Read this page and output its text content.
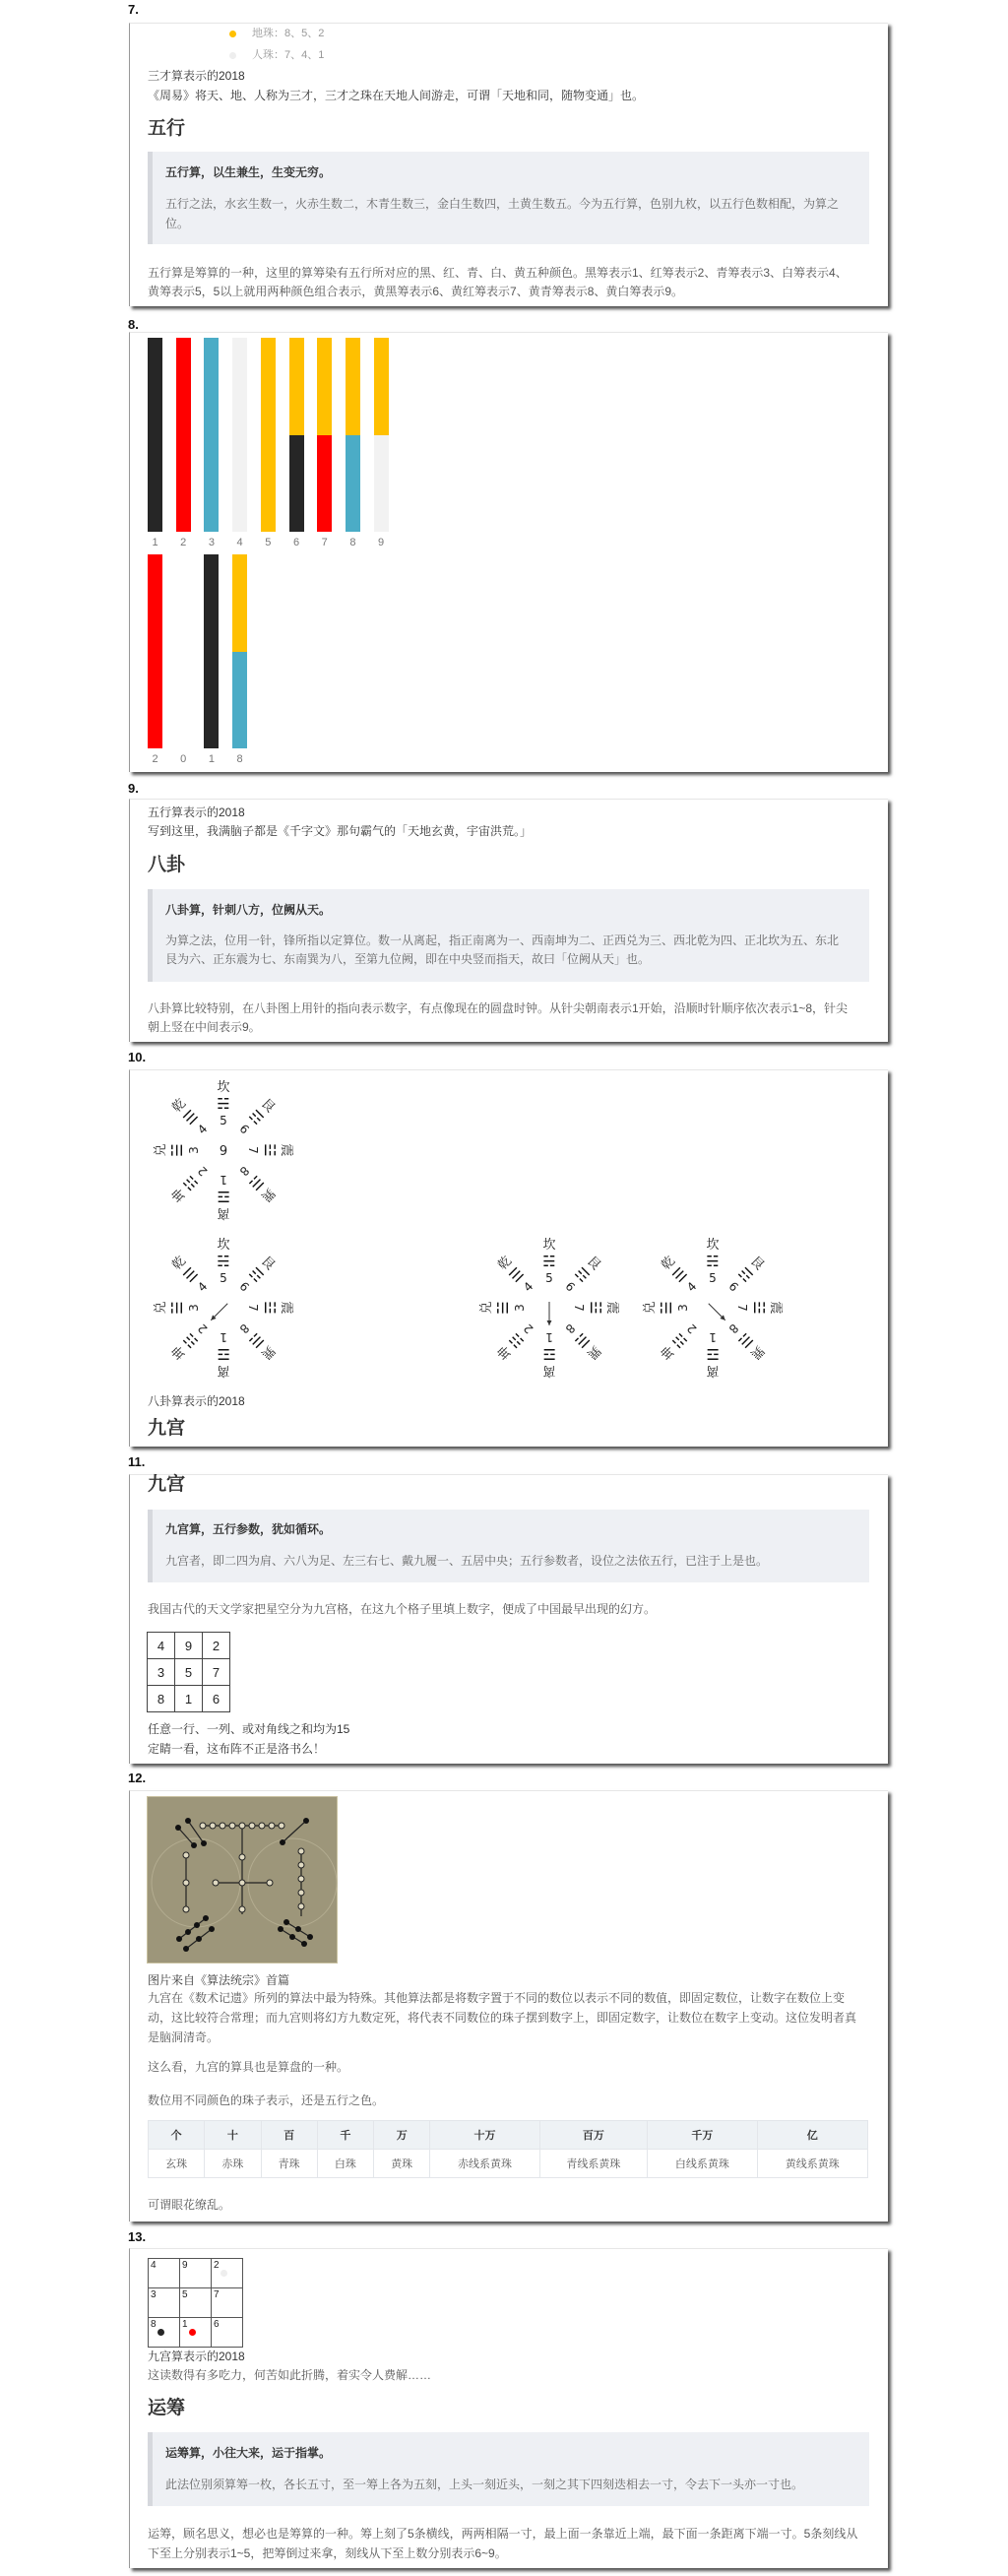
7.
地珠：8、5、2
人珠：7、4、1
三才算表示的2018
《周易》将天、地、人称为三才，三才之珠在天地人间游走，可谓「天地和同，随物变通」也。
五行
五行算，以生兼生，生变无穷。
五行之法，水玄生数一，火赤生数二，木青生数三，金白生数四，土黄生数五。今为五行算，色别九枚，以五行色数相配，为算之
位。
五行算是筹算的一种，这里的算筹染有五行所对应的黑、红、青、白、黄五种颜色。黑筹表示1、红筹表示2、青筹表示3、白筹表示4、
黄筹表示5，5以上就用两种颜色组合表示，黄黑筹表示6、黄红筹表示7、黄青筹表示8、黄白筹表示9。
8.
1	2	3	4	5	6	7	8	9
2	0	1	8
9.
五行算表示的2018
写到这里，我满脑子都是《千字文》那句霸气的「天地玄黄，宇宙洪荒。」
八卦
八卦算，针刺八方，位阙从天。
为算之法，位用一针，锋所指以定算位。数一从离起，指正南离为一、西南坤为二、正西兑为三、西北乾为四、正北坎为五、东北
艮为六、正东震为七、东南巽为八，至第九位阙，即在中央竖而指天，故曰「位阙从天」也。
八卦算比较特别，在八卦图上用针的指向表示数字，有点像现在的圆盘时钟。从针尖朝南表示1开始，沿顺时针顺序依次表示1~8，针尖
朝上竖在中间表示9。
10.
坎
☵
5
艮
☶
6
震
☳
7
巽
☴
8
离
☲
1
坤
☷
2
兑 ☱ 3
乾
☰
4
9
坎
☵
5
艮
☶
6
震
☳
7
巽
☴
8
离
☲
1
坤
☷
2
兑 ☱ 3
乾
☰
4
坎
☵
5
艮
☶
6
震
☳
7
巽
☴
8
离
☲
1
坤
☷
2
兑 ☱ 3
乾
☰
4
坎
☵
5
艮
☶
6
震
☳
7
巽
☴
8
离
☲
1
坤
☷
2
兑 ☱ 3
乾
☰
4
八卦算表示的2018
九宫
11.
九宫
九宫算，五行参数，犹如循环。
九宫者，即二四为肩、六八为足、左三右七、戴九履一、五居中央；五行参数者，设位之法依五行，已注于上是也。
我国古代的天文学家把星空分为九宫格，在这九个格子里填上数字，便成了中国最早出现的幻方。
4	9	2
3	5	7
8	1	6
任意一行、一列、或对角线之和均为15
定睛一看，这布阵不正是洛书么！
12.
图片来自《算法统宗》首篇
九宫在《数术记遗》所列的算法中最为特殊。其他算法都是将数字置于不同的数位以表示不同的数值，即固定数位，让数字在数位上变
动，这比较符合常理；而九宫则将幻方九数定死，将代表不同数位的珠子摆到数字上，即固定数字，让数位在数字上变动。这位发明者真
是脑洞清奇。
这么看，九宫的算具也是算盘的一种。
数位用不同颜色的珠子表示，还是五行之色。
个	十	百	千	万	十万	百万	千万	亿
玄珠	赤珠	青珠	白珠	黄珠	赤线系黄珠	青线系黄珠	白线系黄珠	黄线系黄珠
可谓眼花缭乱。
13.
4	9	2

3	5	7
8	1	6
九宫算表示的2018
这读数得有多吃力，何苦如此折腾，着实令人费解……
运筹
运筹算，小往大来，运于指掌。
此法位别须算筹一枚，各长五寸，至一筹上各为五刻，上头一刻近头，一刻之其下四刻迭相去一寸，令去下一头亦一寸也。
运筹，顾名思义，想必也是筹算的一种。筹上刻了5条横线，两两相隔一寸，最上面一条靠近上端，最下面一条距离下端一寸。5条刻线从
下至上分别表示1~5，把筹倒过来拿，刻线从下至上数分别表示6~9。
